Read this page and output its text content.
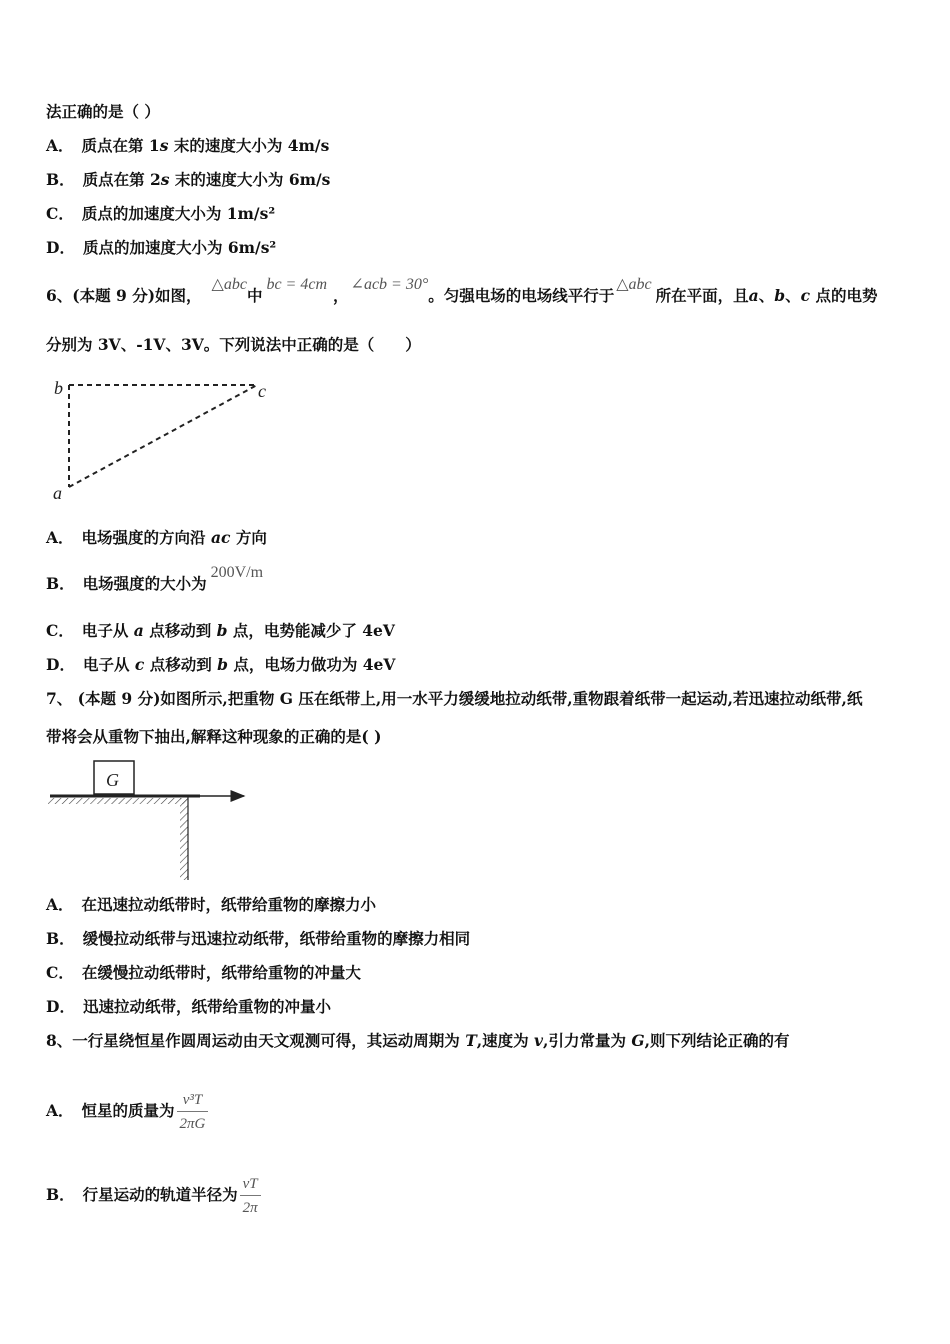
法正确的是（ ）
A． 质点在第 1s 末的速度大小为 4m/s
B． 质点在第 2s 末的速度大小为 6m/s
C． 质点的加速度大小为 1m/s²
D． 质点的加速度大小为 6m/s²
6、(本题 9 分)如图，△abc中bc = 4cm，∠acb = 30°。匀强电场的电场线平行于△abc所在平面，且a、b、c 点的电势
分别为 3V、-1V、3V。下列说法中正确的是（　　）
b	c
a
A． 电场强度的方向沿 ac 方向
B． 电场强度的大小为200V/m
C． 电子从 a 点移动到 b 点，电势能减少了 4eV
D． 电子从 c 点移动到 b 点，电场力做功为 4eV
7、 (本题 9 分)如图所示,把重物 G 压在纸带上,用一水平力缓缓地拉动纸带,重物跟着纸带一起运动,若迅速拉动纸带,纸
带将会从重物下抽出,解释这种现象的正确的是( )
G
A． 在迅速拉动纸带时，纸带给重物的摩擦力小
B． 缓慢拉动纸带与迅速拉动纸带，纸带给重物的摩擦力相同
C． 在缓慢拉动纸带时，纸带给重物的冲量大
D． 迅速拉动纸带，纸带给重物的冲量小
8、一行星绕恒星作圆周运动由天文观测可得，其运动周期为 T,速度为 v,引力常量为 G,则下列结论正确的有
A． 恒星的质量为 $\frac{\text{v³T}}{2\pi G}$
B． 行星运动的轨道半径为 $\frac{vT}{2\pi}$
